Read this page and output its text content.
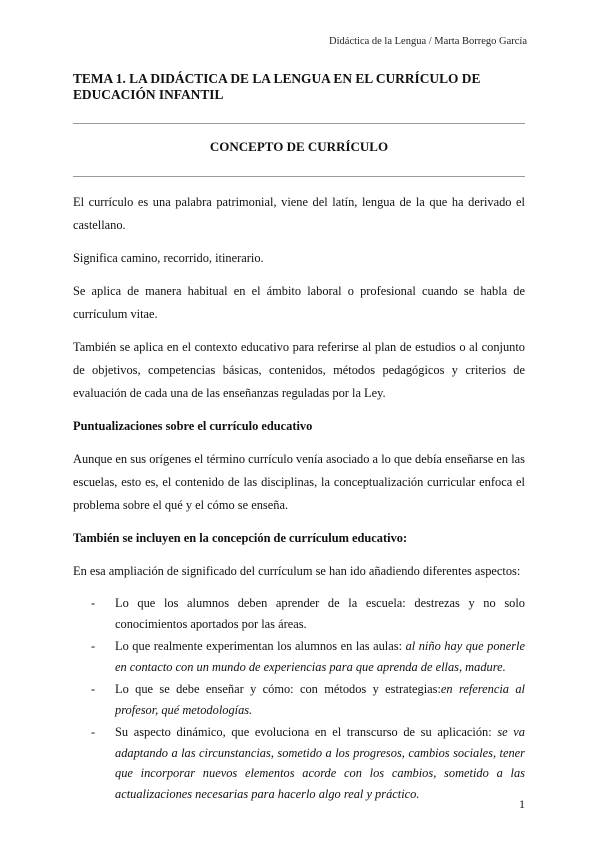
Didáctica de la Lengua / Marta Borrego García
TEMA 1. LA DIDÁCTICA DE LA LENGUA EN EL CURRÍCULO DE EDUCACIÓN INFANTIL
CONCEPTO DE CURRÍCULO

El currículo es una palabra patrimonial, viene del latín, lengua de la que ha derivado el castellano.

Significa camino, recorrido, itinerario.

Se aplica de manera habitual en el ámbito laboral o profesional cuando se habla de currículum vitae.

También se aplica en el contexto educativo para referirse al plan de estudios o al conjunto de objetivos, competencias básicas, contenidos, métodos pedagógicos y criterios de evaluación de cada una de las enseñanzas reguladas por la Ley.

Puntualizaciones sobre el currículo educativo

Aunque en sus orígenes el término currículo venía asociado a lo que debía enseñarse en las escuelas, esto es, el contenido de las disciplinas, la conceptualización curricular enfoca el problema sobre el qué y el cómo se enseña.

También se incluyen en la concepción de currículum educativo:

En esa ampliación de significado del currículum se han ido añadiendo diferentes aspectos:

-	Lo que los alumnos deben aprender de la escuela: destrezas y no solo conocimientos aportados por las áreas.
-	Lo que realmente experimentan los alumnos en las aulas: al niño hay que ponerle en contacto con un mundo de experiencias para que aprenda de ellas, madure.
-	Lo que se debe enseñar y cómo: con métodos y estrategias:en referencia al profesor, qué metodologías.
-	Su aspecto dinámico, que evoluciona en el transcurso de su aplicación: se va adaptando a las circunstancias, sometido a los progresos, cambios sociales, tener que incorporar nuevos elementos acorde con los cambios, sometido a las actualizaciones necesarias para hacerlo algo real y práctico.
1
